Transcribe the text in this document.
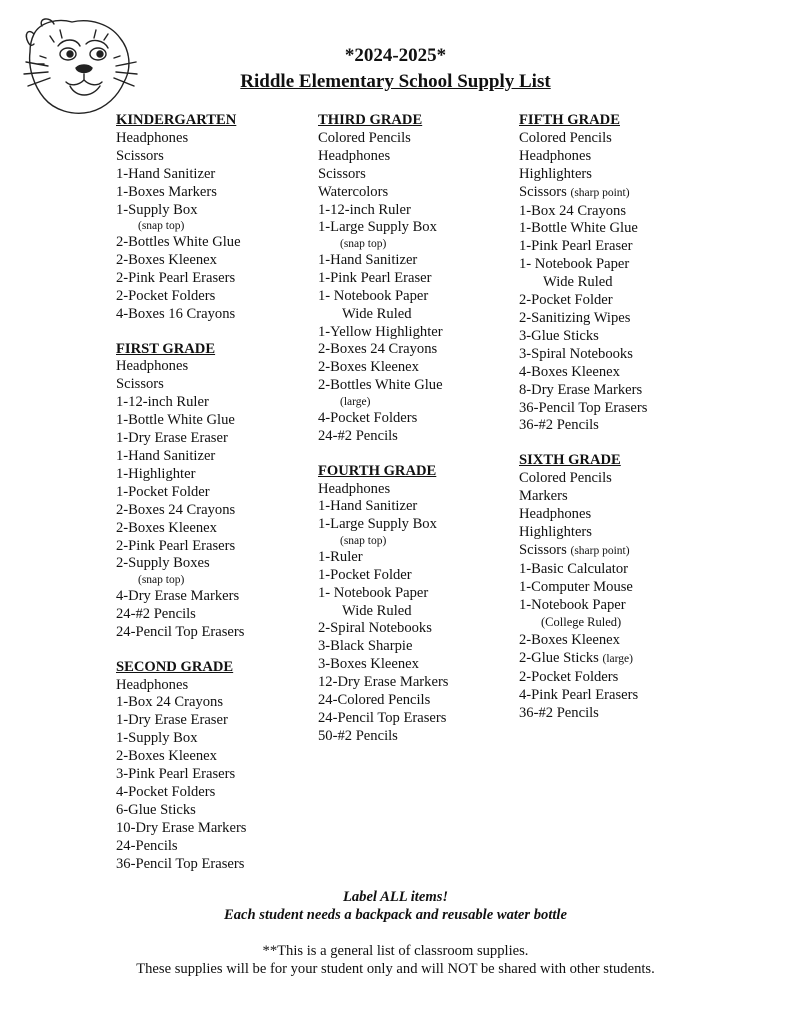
*2024-2025*
Riddle Elementary School Supply List
KINDERGARTEN
Headphones
Scissors
1-Hand Sanitizer
1-Boxes Markers
1-Supply Box
(snap top)
2-Bottles White Glue
2-Boxes Kleenex
2-Pink Pearl Erasers
2-Pocket Folders
4-Boxes 16 Crayons
FIRST GRADE
Headphones
Scissors
1-12-inch Ruler
1-Bottle White Glue
1-Dry Erase Eraser
1-Hand Sanitizer
1-Highlighter
1-Pocket Folder
2-Boxes 24 Crayons
2-Boxes Kleenex
2-Pink Pearl Erasers
2-Supply Boxes
(snap top)
4-Dry Erase Markers
24-#2 Pencils
24-Pencil Top Erasers
SECOND GRADE
Headphones
1-Box 24 Crayons
1-Dry Erase Eraser
1-Supply Box
2-Boxes Kleenex
3-Pink Pearl Erasers
4-Pocket Folders
6-Glue Sticks
10-Dry Erase Markers
24-Pencils
36-Pencil Top Erasers
THIRD GRADE
Colored Pencils
Headphones
Scissors
Watercolors
1-12-inch Ruler
1-Large Supply Box
(snap top)
1-Hand Sanitizer
1-Pink Pearl Eraser
1- Notebook Paper
Wide Ruled
1-Yellow Highlighter
2-Boxes 24 Crayons
2-Boxes Kleenex
2-Bottles White Glue
(large)
4-Pocket Folders
24-#2 Pencils
FOURTH GRADE
Headphones
1-Hand Sanitizer
1-Large Supply Box
(snap top)
1-Ruler
1-Pocket Folder
1- Notebook Paper
Wide Ruled
2-Spiral Notebooks
3-Black Sharpie
3-Boxes Kleenex
12-Dry Erase Markers
24-Colored Pencils
24-Pencil Top Erasers
50-#2 Pencils
FIFTH GRADE
Colored Pencils
Headphones
Highlighters
Scissors (sharp point)
1-Box 24 Crayons
1-Bottle White Glue
1-Pink Pearl Eraser
1- Notebook Paper
Wide Ruled
2-Pocket Folder
2-Sanitizing Wipes
3-Glue Sticks
3-Spiral Notebooks
4-Boxes Kleenex
8-Dry Erase Markers
36-Pencil Top Erasers
36-#2 Pencils
SIXTH GRADE
Colored Pencils
Markers
Headphones
Highlighters
Scissors (sharp point)
1-Basic Calculator
1-Computer Mouse
1-Notebook Paper
(College Ruled)
2-Boxes Kleenex
2-Glue Sticks (large)
2-Pocket Folders
4-Pink Pearl Erasers
36-#2 Pencils
Label ALL items!
Each student needs a backpack and reusable water bottle
**This is a general list of classroom supplies.
These supplies will be for your student only and will NOT be shared with other students.
